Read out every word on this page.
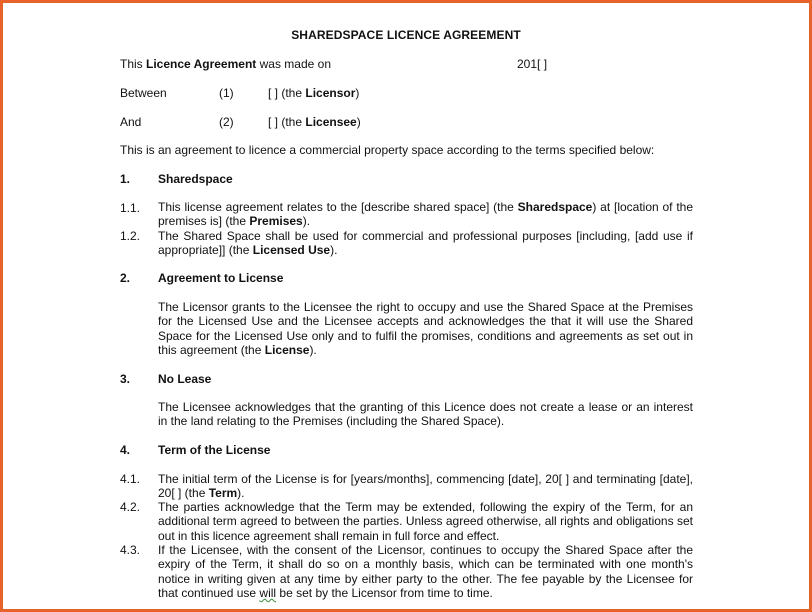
SHAREDSPACE LICENCE AGREEMENT
This Licence Agreement was made on	201[ ]
Between	(1)	[ ] (the Licensor)
And	(2)	[ ] (the Licensee)
This is an agreement to licence a commercial property space according to the terms specified below:
1. Sharedspace
1.1. This license agreement relates to the [describe shared space] (the Sharedspace) at [location of the premises is] (the Premises).
1.2. The Shared Space shall be used for commercial and professional purposes [including, [add use if appropriate]] (the Licensed Use).
2. Agreement to License
The Licensor grants to the Licensee the right to occupy and use the Shared Space at the Premises for the Licensed Use and the Licensee accepts and acknowledges the that it will use the Shared Space for the Licensed Use only and to fulfil the promises, conditions and agreements as set out in this agreement (the License).
3. No Lease
The Licensee acknowledges that the granting of this Licence does not create a lease or an interest in the land relating to the Premises (including the Shared Space).
4. Term of the License
4.1. The initial term of the License is for [years/months], commencing [date], 20[ ] and terminating [date], 20[ ] (the Term).
4.2. The parties acknowledge that the Term may be extended, following the expiry of the Term, for an additional term agreed to between the parties. Unless agreed otherwise, all rights and obligations set out in this licence agreement shall remain in full force and effect.
4.3. If the Licensee, with the consent of the Licensor, continues to occupy the Shared Space after the expiry of the Term, it shall do so on a monthly basis, which can be terminated with one month's notice in writing given at any time by either party to the other. The fee payable by the Licensee for that continued use will be set by the Licensor from time to time.
